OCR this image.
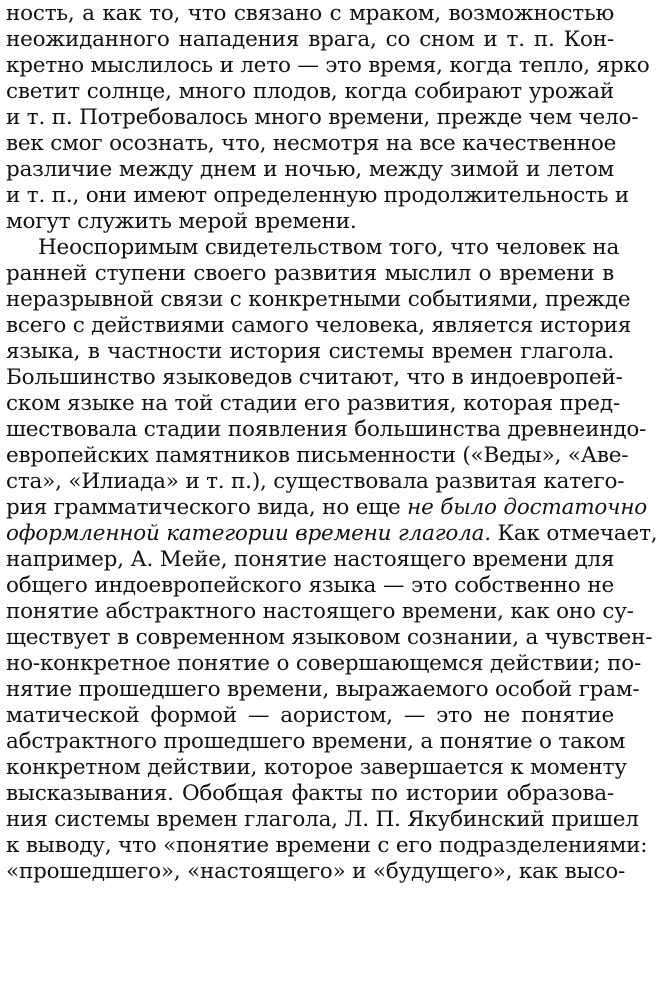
ность, а как то, что связано с мраком, возможностью
неожиданного нападения врага, со сном и т. п. Кон-
кретно мыслилось и лето — это время, когда тепло, ярко
светит солнце, много плодов, когда собирают урожай
и т. п. Потребовалось много времени, прежде чем чело-
век смог осознать, что, несмотря на все качественное
различие между днем и ночью, между зимой и летом
и т. п., они имеют определенную продолжительность и
могут служить мерой времени.
Неоспоримым свидетельством того, что человек на
ранней ступени своего развития мыслил о времени в
неразрывной связи с конкретными событиями, прежде
всего с действиями самого человека, является история
языка, в частности история системы времен глагола.
Большинство языковедов считают, что в индоевропей-
ском языке на той стадии его развития, которая пред-
шествовала стадии появления большинства древнеиндо-
европейских памятников письменности («Веды», «Аве-
ста», «Илиада» и т. п.), существовала развитая катего-
рия грамматического вида, но еще не было достаточно
оформленной категории времени глагола. Как отмечает,
например, А. Мейе, понятие настоящего времени для
общего индоевропейского языка — это собственно не
понятие абстрактного настоящего времени, как оно су-
ществует в современном языковом сознании, а чувствен-
но-конкретное понятие о совершающемся действии; по-
нятие прошедшего времени, выражаемого особой грам-
матической формой — аористом, — это не понятие
абстрактного прошедшего времени, а понятие о таком
конкретном действии, которое завершается к моменту
высказывания. Обобщая факты по истории образова-
ния системы времен глагола, Л. П. Якубинский пришел
к выводу, что «понятие времени с его подразделениями:
«прошедшего», «настоящего» и «будущего», как высо-
